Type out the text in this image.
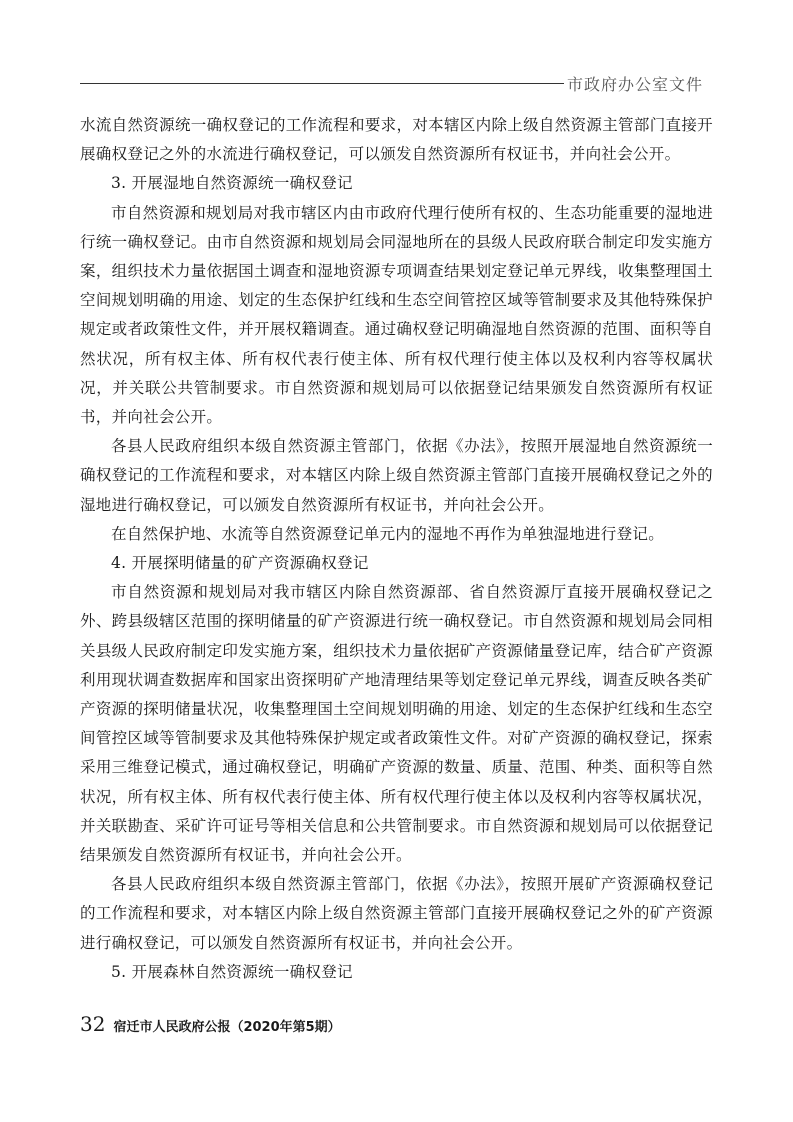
市政府办公室文件

水流自然资源统一确权登记的工作流程和要求，对本辖区内除上级自然资源主管部门直接开展确权登记之外的水流进行确权登记，可以颁发自然资源所有权证书，并向社会公开。

3. 开展湿地自然资源统一确权登记

市自然资源和规划局对我市辖区内由市政府代理行使所有权的、生态功能重要的湿地进行统一确权登记。由市自然资源和规划局会同湿地所在的县级人民政府联合制定印发实施方案，组织技术力量依据国土调查和湿地资源专项调查结果划定登记单元界线，收集整理国土空间规划明确的用途、划定的生态保护红线和生态空间管控区域等管制要求及其他特殊保护规定或者政策性文件，并开展权籍调查。通过确权登记明确湿地自然资源的范围、面积等自然状况，所有权主体、所有权代表行使主体、所有权代理行使主体以及权利内容等权属状况，并关联公共管制要求。市自然资源和规划局可以依据登记结果颁发自然资源所有权证书，并向社会公开。

各县人民政府组织本级自然资源主管部门，依据《办法》，按照开展湿地自然资源统一确权登记的工作流程和要求，对本辖区内除上级自然资源主管部门直接开展确权登记之外的湿地进行确权登记，可以颁发自然资源所有权证书，并向社会公开。

在自然保护地、水流等自然资源登记单元内的湿地不再作为单独湿地进行登记。

4. 开展探明储量的矿产资源确权登记

市自然资源和规划局对我市辖区内除自然资源部、省自然资源厅直接开展确权登记之外、跨县级辖区范围的探明储量的矿产资源进行统一确权登记。市自然资源和规划局会同相关县级人民政府制定印发实施方案，组织技术力量依据矿产资源储量登记库，结合矿产资源利用现状调查数据库和国家出资探明矿产地清理结果等划定登记单元界线，调查反映各类矿产资源的探明储量状况，收集整理国土空间规划明确的用途、划定的生态保护红线和生态空间管控区域等管制要求及其他特殊保护规定或者政策性文件。对矿产资源的确权登记，探索采用三维登记模式，通过确权登记，明确矿产资源的数量、质量、范围、种类、面积等自然状况，所有权主体、所有权代表行使主体、所有权代理行使主体以及权利内容等权属状况，并关联勘查、采矿许可证号等相关信息和公共管制要求。市自然资源和规划局可以依据登记结果颁发自然资源所有权证书，并向社会公开。

各县人民政府组织本级自然资源主管部门，依据《办法》，按照开展矿产资源确权登记的工作流程和要求，对本辖区内除上级自然资源主管部门直接开展确权登记之外的矿产资源进行确权登记，可以颁发自然资源所有权证书，并向社会公开。

5. 开展森林自然资源统一确权登记

32 宿迁市人民政府公报（2020年第5期）
